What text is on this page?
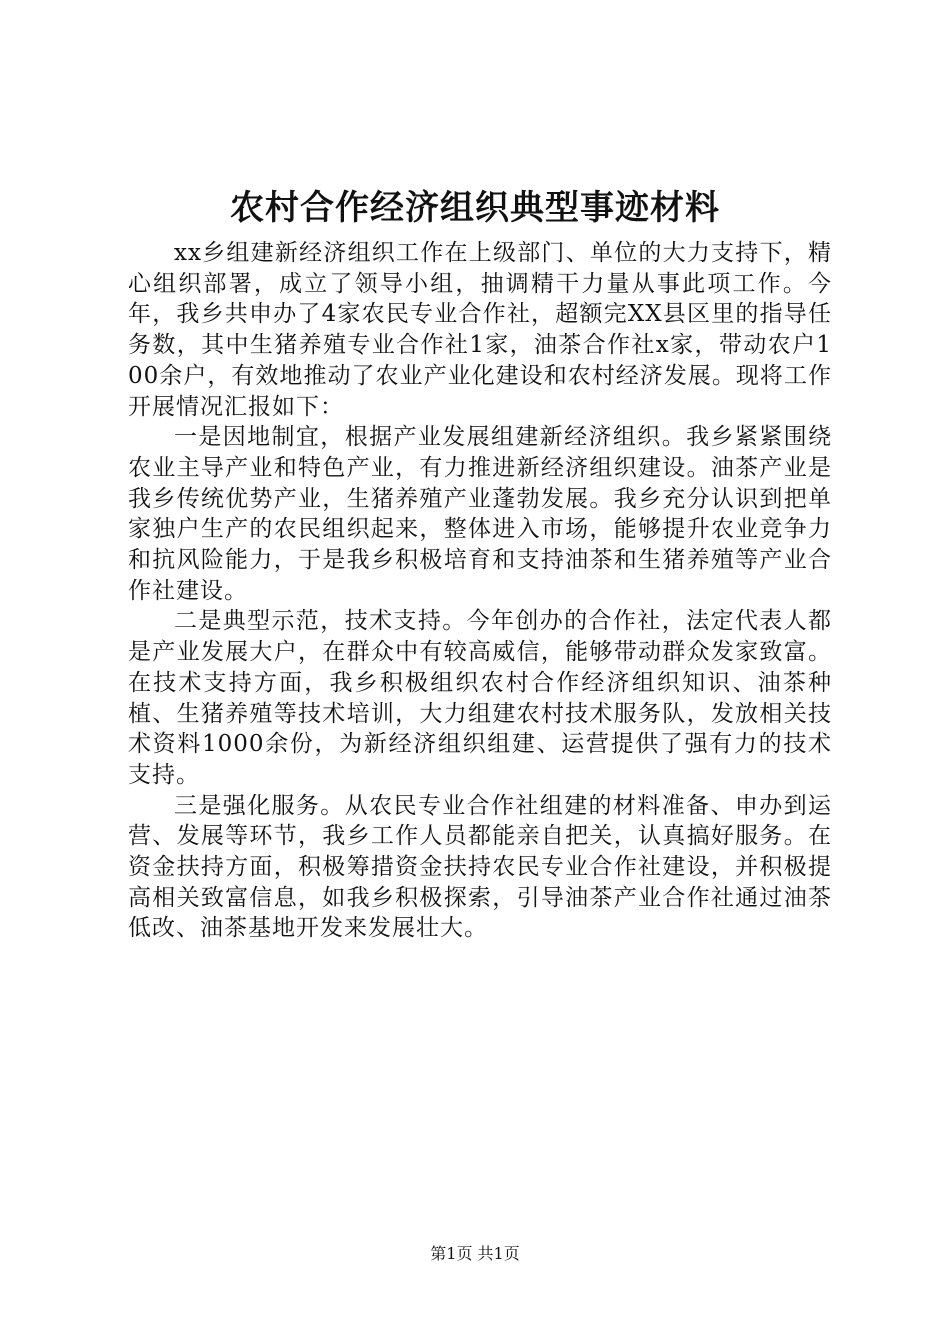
农村合作经济组织典型事迹材料

xx乡组建新经济组织工作在上级部门、单位的大力支持下，精心组织部署，成立了领导小组，抽调精干力量从事此项工作。今年，我乡共申办了4家农民专业合作社，超额完XX县区里的指导任务数，其中生猪养殖专业合作社1家，油茶合作社x家，带动农户100余户，有效地推动了农业产业化建设和农村经济发展。现将工作开展情况汇报如下：

一是因地制宜，根据产业发展组建新经济组织。我乡紧紧围绕农业主导产业和特色产业，有力推进新经济组织建设。油茶产业是我乡传统优势产业，生猪养殖产业蓬勃发展。我乡充分认识到把单家独户生产的农民组织起来，整体进入市场，能够提升农业竞争力和抗风险能力，于是我乡积极培育和支持油茶和生猪养殖等产业合作社建设。

二是典型示范，技术支持。今年创办的合作社，法定代表人都是产业发展大户，在群众中有较高威信，能够带动群众发家致富。在技术支持方面，我乡积极组织农村合作经济组织知识、油茶种植、生猪养殖等技术培训，大力组建农村技术服务队，发放相关技术资料1000余份，为新经济组织组建、运营提供了强有力的技术支持。

三是强化服务。从农民专业合作社组建的材料准备、申办到运营、发展等环节，我乡工作人员都能亲自把关，认真搞好服务。在资金扶持方面，积极筹措资金扶持农民专业合作社建设，并积极提高相关致富信息，如我乡积极探索，引导油茶产业合作社通过油茶低改、油茶基地开发来发展壮大。

第1页 共1页
